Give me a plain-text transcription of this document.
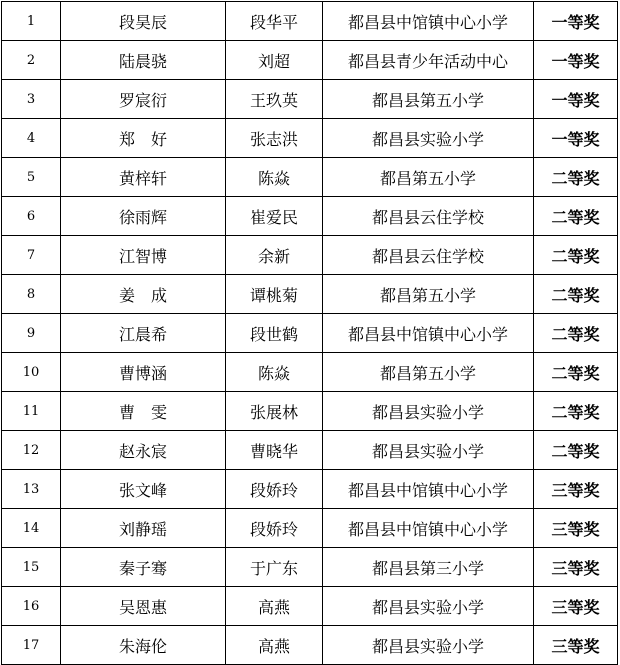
1	段昊辰	段华平	都昌县中馆镇中心小学	一等奖
2	陆晨骁	刘超	都昌县青少年活动中心	一等奖
3	罗宸衍	王玖英	都昌县第五小学	一等奖
4	郑　好	张志洪	都昌县实验小学	一等奖
5	黄梓轩	陈焱	都昌第五小学	二等奖
6	徐雨辉	崔爱民	都昌县云住学校	二等奖
7	江智博	余新	都昌县云住学校	二等奖
8	姜　成	谭桃菊	都昌第五小学	二等奖
9	江晨希	段世鹤	都昌县中馆镇中心小学	二等奖
10	曹博涵	陈焱	都昌第五小学	二等奖
11	曹　雯	张展林	都昌县实验小学	二等奖
12	赵永宸	曹晓华	都昌县实验小学	二等奖
13	张文峰	段娇玲	都昌县中馆镇中心小学	三等奖
14	刘静瑶	段娇玲	都昌县中馆镇中心小学	三等奖
15	秦子骞	于广东	都昌县第三小学	三等奖
16	吴恩惠	高燕	都昌县实验小学	三等奖
17	朱海伦	高燕	都昌县实验小学	三等奖
